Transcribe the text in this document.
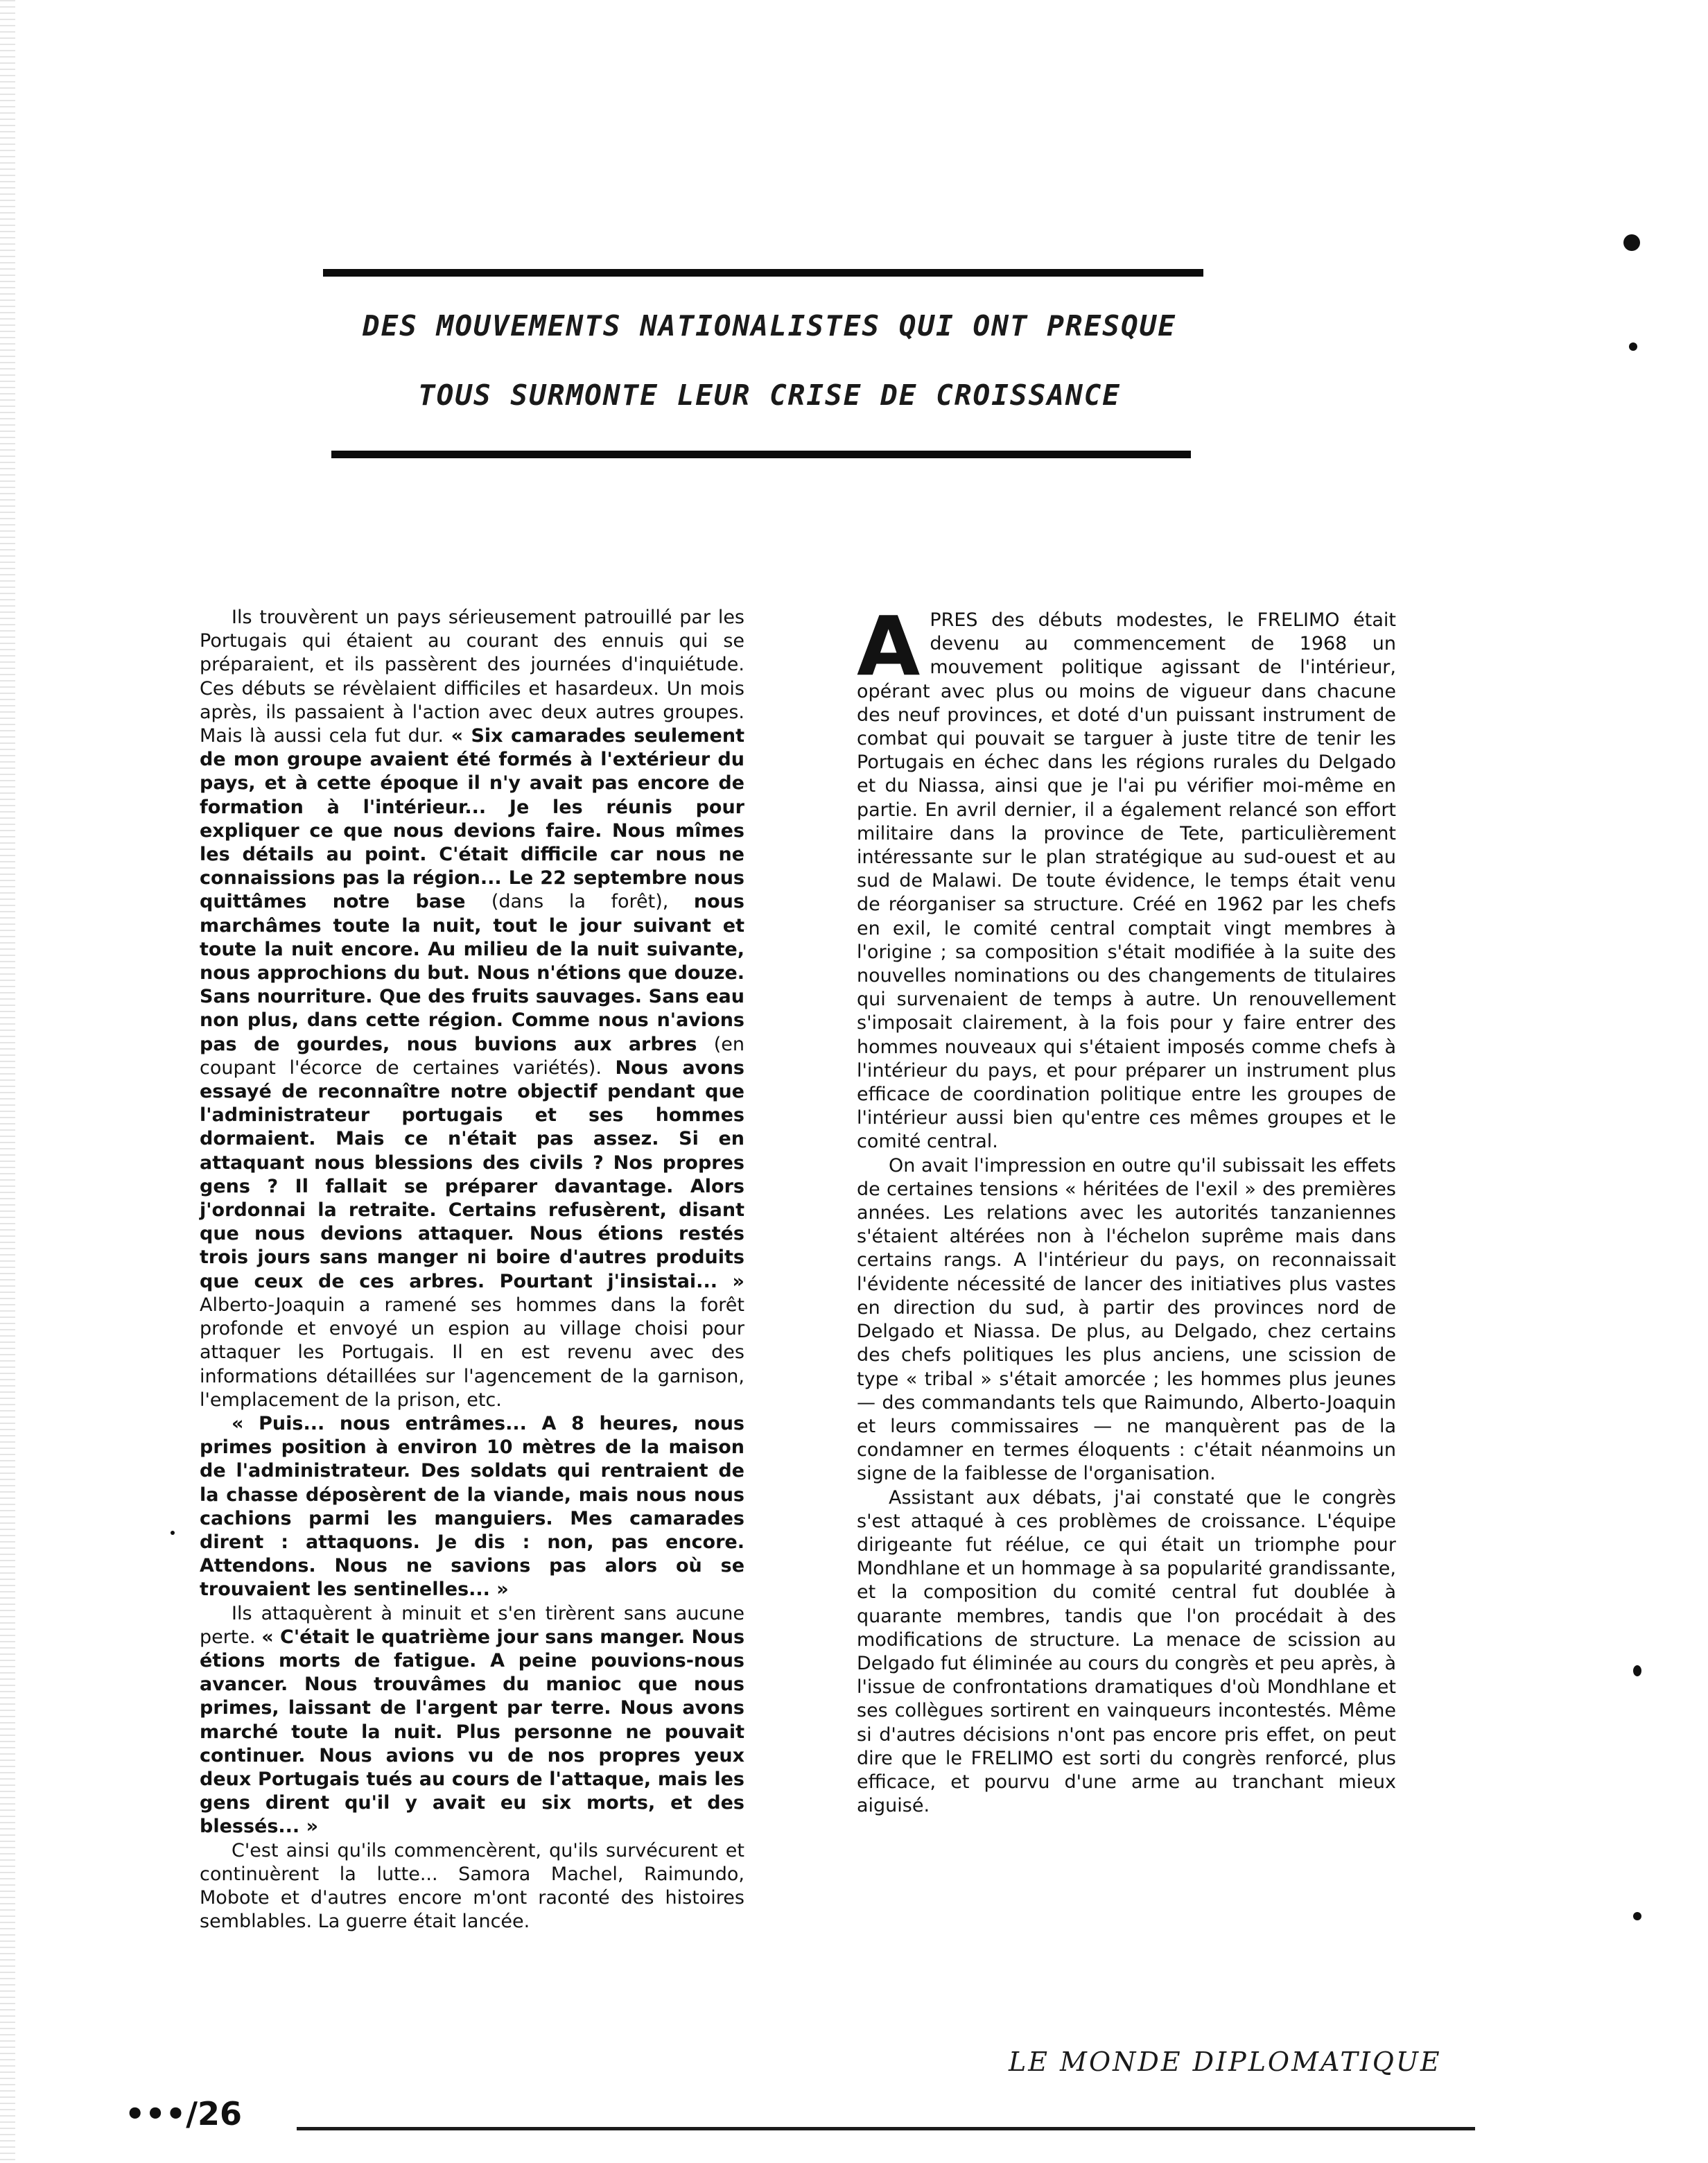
DES MOUVEMENTS NATIONALISTES QUI ONT PRESQUE
TOUS SURMONTE LEUR CRISE DE CROISSANCE

Ils trouvèrent un pays sérieusement patrouillé par les Portugais qui étaient au courant des ennuis qui se préparaient, et ils passèrent des journées d'inquiétude. Ces débuts se révèlaient difficiles et hasardeux. Un mois après, ils passaient à l'action avec deux autres groupes. Mais là aussi cela fut dur. « Six camarades seulement de mon groupe avaient été formés à l'extérieur du pays, et à cette époque il n'y avait pas encore de formation à l'intérieur... Je les réunis pour expliquer ce que nous devions faire. Nous mîmes les détails au point. C'était difficile car nous ne connaissions pas la région... Le 22 septembre nous quittâmes notre base (dans la forêt), nous marchâmes toute la nuit, tout le jour suivant et toute la nuit encore. Au milieu de la nuit suivante, nous approchions du but. Nous n'étions que douze. Sans nourriture. Que des fruits sauvages. Sans eau non plus, dans cette région. Comme nous n'avions pas de gourdes, nous buvions aux arbres (en coupant l'écorce de certaines variétés). Nous avons essayé de reconnaître notre objectif pendant que l'administrateur portugais et ses hommes dormaient. Mais ce n'était pas assez. Si en attaquant nous blessions des civils ? Nos propres gens ? Il fallait se préparer davantage. Alors j'ordonnai la retraite. Certains refusèrent, disant que nous devions attaquer. Nous étions restés trois jours sans manger ni boire d'autres produits que ceux de ces arbres. Pourtant j'insistai... » Alberto-Joaquin a ramené ses hommes dans la forêt profonde et envoyé un espion au village choisi pour attaquer les Portugais. Il en est revenu avec des informations détaillées sur l'agencement de la garnison, l'emplacement de la prison, etc.

« Puis... nous entrâmes... A 8 heures, nous primes position à environ 10 mètres de la maison de l'administrateur. Des soldats qui rentraient de la chasse déposèrent de la viande, mais nous nous cachions parmi les manguiers. Mes camarades dirent : attaquons. Je dis : non, pas encore. Attendons. Nous ne savions pas alors où se trouvaient les sentinelles... »

Ils attaquèrent à minuit et s'en tirèrent sans aucune perte. « C'était le quatrième jour sans manger. Nous étions morts de fatigue. A peine pouvions-nous avancer. Nous trouvâmes du manioc que nous primes, laissant de l'argent par terre. Nous avons marché toute la nuit. Plus personne ne pouvait continuer. Nous avions vu de nos propres yeux deux Portugais tués au cours de l'attaque, mais les gens dirent qu'il y avait eu six morts, et des blessés... »

C'est ainsi qu'ils commencèrent, qu'ils survécurent et continuèrent la lutte... Samora Machel, Raimundo, Mobote et d'autres encore m'ont raconté des histoires semblables. La guerre était lancée.

APRES des débuts modestes, le FRELIMO était devenu au commencement de 1968 un mouvement politique agissant de l'intérieur, opérant avec plus ou moins de vigueur dans chacune des neuf provinces, et doté d'un puissant instrument de combat qui pouvait se targuer à juste titre de tenir les Portugais en échec dans les régions rurales du Delgado et du Niassa, ainsi que je l'ai pu vérifier moi-même en partie. En avril dernier, il a également relancé son effort militaire dans la province de Tete, particulièrement intéressante sur le plan stratégique au sud-ouest et au sud de Malawi. De toute évidence, le temps était venu de réorganiser sa structure. Créé en 1962 par les chefs en exil, le comité central comptait vingt membres à l'origine ; sa composition s'était modifiée à la suite des nouvelles nominations ou des changements de titulaires qui survenaient de temps à autre. Un renouvellement s'imposait clairement, à la fois pour y faire entrer des hommes nouveaux qui s'étaient imposés comme chefs à l'intérieur du pays, et pour préparer un instrument plus efficace de coordination politique entre les groupes de l'intérieur aussi bien qu'entre ces mêmes groupes et le comité central.

On avait l'impression en outre qu'il subissait les effets de certaines tensions « héritées de l'exil » des premières années. Les relations avec les autorités tanzaniennes s'étaient altérées non à l'échelon suprême mais dans certains rangs. A l'intérieur du pays, on reconnaissait l'évidente nécessité de lancer des initiatives plus vastes en direction du sud, à partir des provinces nord de Delgado et Niassa. De plus, au Delgado, chez certains des chefs politiques les plus anciens, une scission de type « tribal » s'était amorcée ; les hommes plus jeunes — des commandants tels que Raimundo, Alberto-Joaquin et leurs commissaires — ne manquèrent pas de la condamner en termes éloquents : c'était néanmoins un signe de la faiblesse de l'organisation.

Assistant aux débats, j'ai constaté que le congrès s'est attaqué à ces problèmes de croissance. L'équipe dirigeante fut réélue, ce qui était un triomphe pour Mondhlane et un hommage à sa popularité grandissante, et la composition du comité central fut doublée à quarante membres, tandis que l'on procédait à des modifications de structure. La menace de scission au Delgado fut éliminée au cours du congrès et peu après, à l'issue de confrontations dramatiques d'où Mondhlane et ses collègues sortirent en vainqueurs incontestés. Même si d'autres décisions n'ont pas encore pris effet, on peut dire que le FRELIMO est sorti du congrès renforcé, plus efficace, et pourvu d'une arme au tranchant mieux aiguisé.

LE MONDE DIPLOMATIQUE
•••/26
